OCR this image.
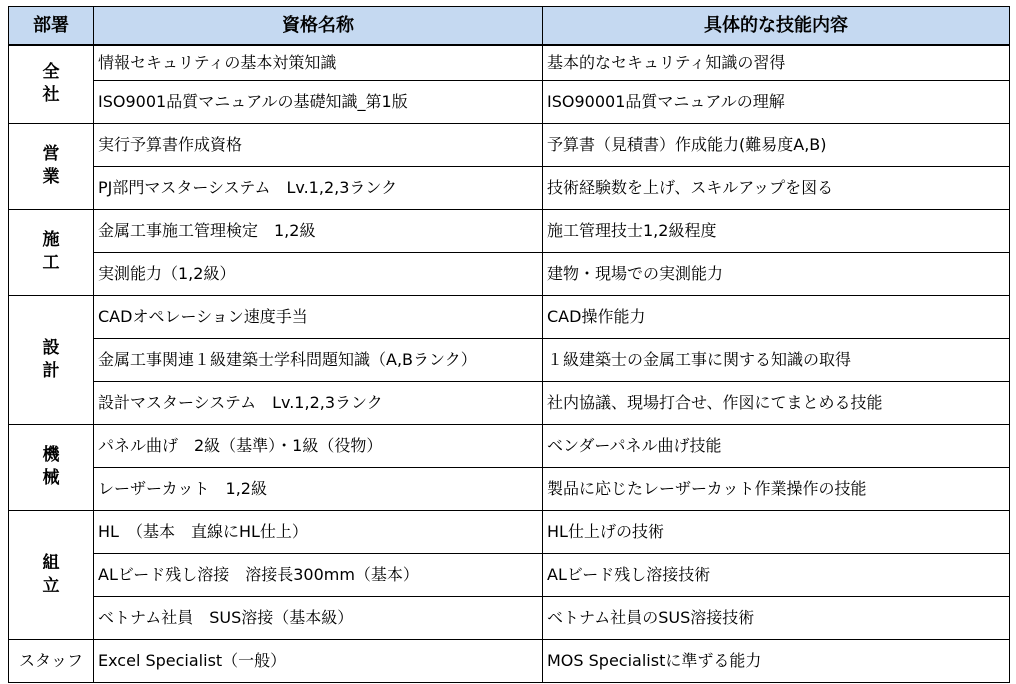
部署	資格名称	具体的な技能内容
全社	情報セキュリティの基本対策知識	基本的なセキュリティ知識の習得
	ISO9001品質マニュアルの基礎知識_第1版	ISO90001品質マニュアルの理解
営業	実行予算書作成資格	予算書（見積書）作成能力(難易度A,B)
	PJ部門マスターシステム　Lv.1,2,3ランク	技術経験数を上げ、スキルアップを図る
施工	金属工事施工管理検定　1,2級	施工管理技士1,2級程度
	実測能力（1,2級）	建物・現場での実測能力
設計	CADオペレーション速度手当	CAD操作能力
	金属工事関連１級建築士学科問題知識（A,Bランク）	１級建築士の金属工事に関する知識の取得
	設計マスターシステム　Lv.1,2,3ランク	社内協議、現場打合せ、作図にてまとめる技能
機械	パネル曲げ　2級（基準）・1級（役物）	ベンダーパネル曲げ技能
	レーザーカット　1,2級	製品に応じたレーザーカット作業操作の技能
組立	HL　（基本　直線にHL仕上）	HL仕上げの技術
	ALビード残し溶接　溶接長300mm（基本）	ALビード残し溶接技術
	ベトナム社員　SUS溶接（基本級）	ベトナム社員のSUS溶接技術
スタッフ	Excel Specialist（一般）	MOS Specialistに準ずる能力
